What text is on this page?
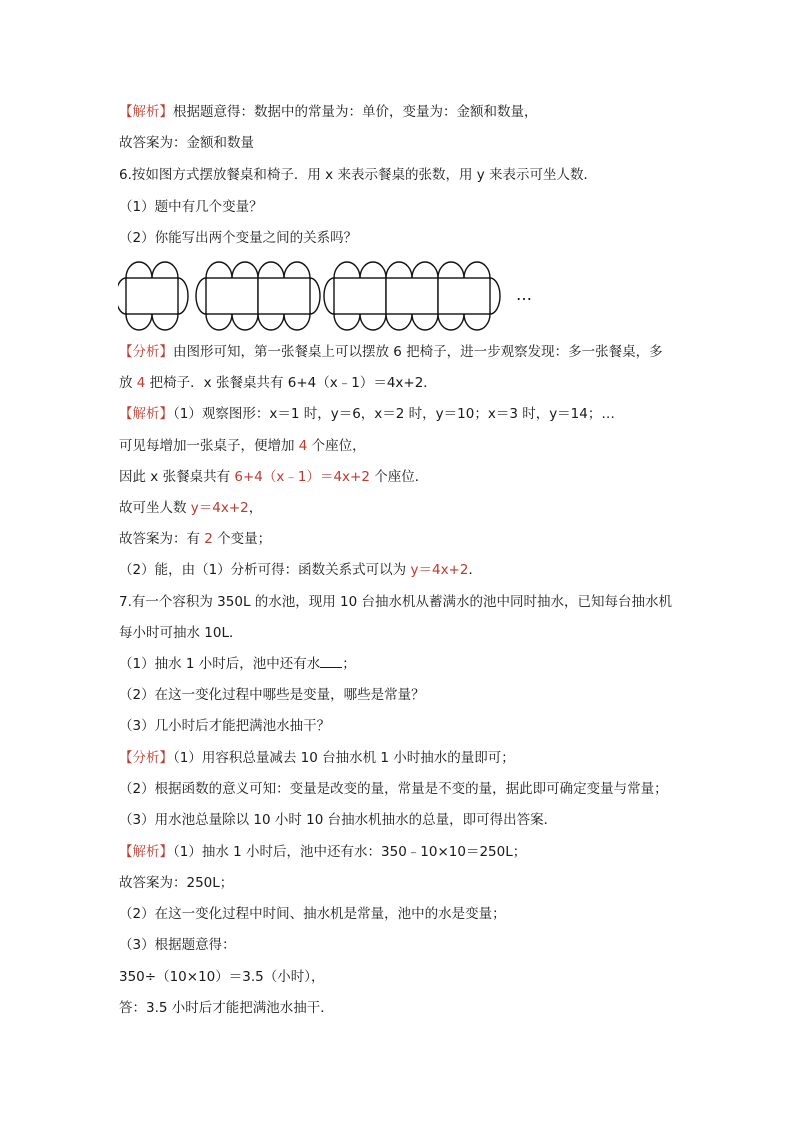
【解析】根据题意得：数据中的常量为：单价，变量为：金额和数量，
故答案为：金额和数量
6.按如图方式摆放餐桌和椅子．用 x 来表示餐桌的张数，用 y 来表示可坐人数．
（1）题中有几个变量？
（2）你能写出两个变量之间的关系吗？
【分析】由图形可知，第一张餐桌上可以摆放 6 把椅子，进一步观察发现：多一张餐桌，多
放 4 把椅子．x 张餐桌共有 6+4（x﹣1）＝4x+2．
【解析】（1）观察图形：x＝1 时，y＝6，x＝2 时，y＝10；x＝3 时，y＝14；…
可见每增加一张桌子，便增加 4 个座位，
因此 x 张餐桌共有 6+4（x﹣1）＝4x+2 个座位．
故可坐人数 y＝4x+2，
故答案为：有 2 个变量；
（2）能，由（1）分析可得：函数关系式可以为 y＝4x+2．
7.有一个容积为 350L 的水池，现用 10 台抽水机从蓄满水的池中同时抽水，已知每台抽水机
每小时可抽水 10L．
（1）抽水 1 小时后，池中还有水 ；
（2）在这一变化过程中哪些是变量，哪些是常量？
（3）几小时后才能把满池水抽干？
【分析】（1）用容积总量减去 10 台抽水机 1 小时抽水的量即可；
（2）根据函数的意义可知：变量是改变的量，常量是不变的量，据此即可确定变量与常量；
（3）用水池总量除以 10 小时 10 台抽水机抽水的总量，即可得出答案．
【解析】（1）抽水 1 小时后，池中还有水：350﹣10×10＝250L；
故答案为：250L；
（2）在这一变化过程中时间、抽水机是常量，池中的水是变量；
（3）根据题意得：
350÷（10×10）＝3.5（小时），
答：3.5 小时后才能把满池水抽干．
…
